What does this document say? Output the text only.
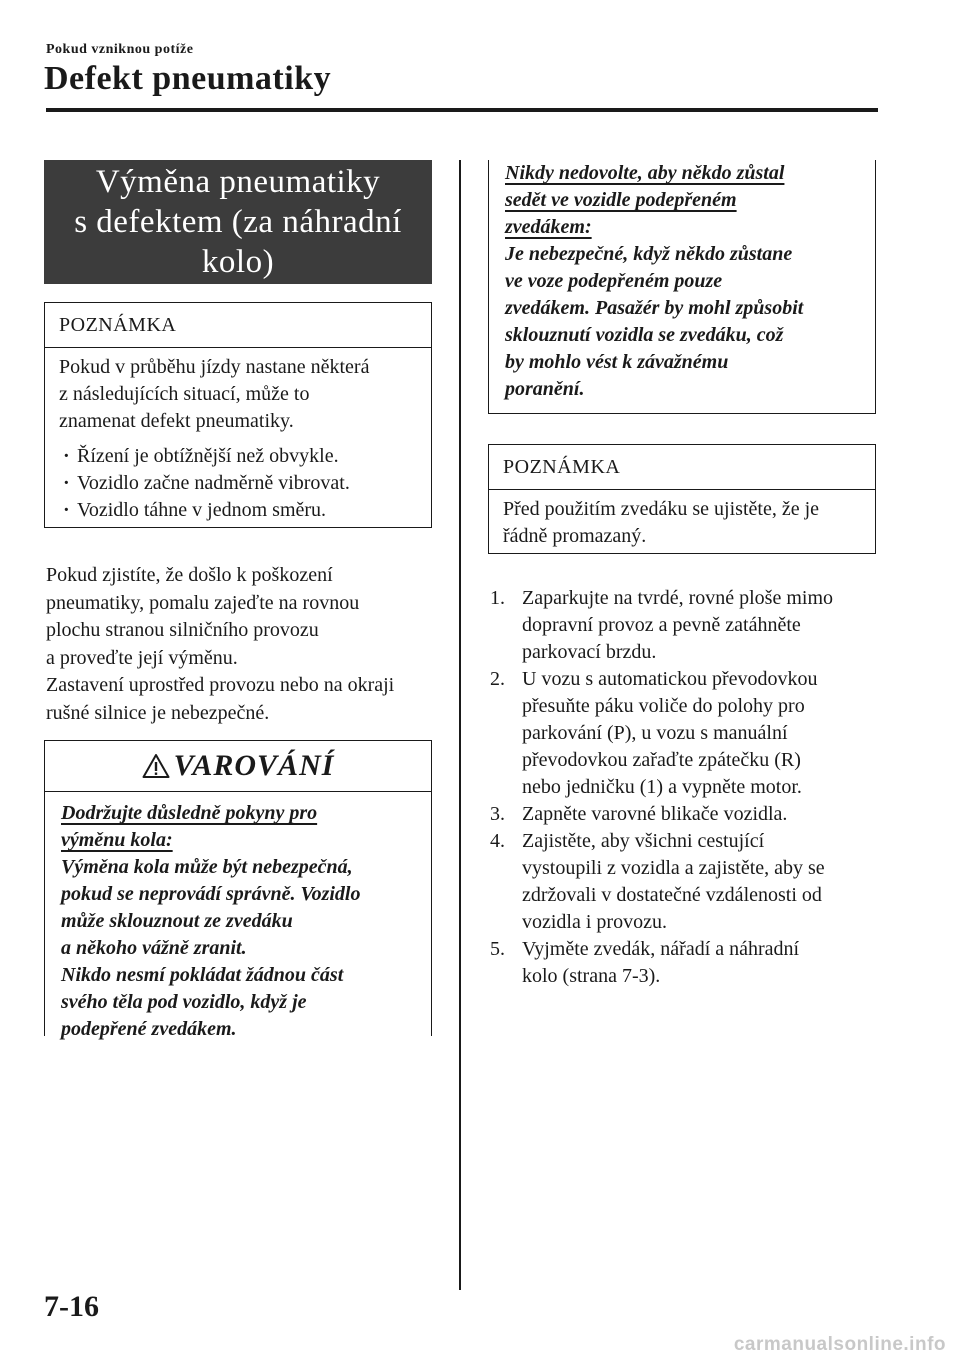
Pokud vzniknou potíže
Defekt pneumatiky
Výměna pneumatiky
s defektem (za náhradní
kolo)
POZNÁMKA

Pokud v průběhu jízdy nastane některá

z následujících situací, může to

znamenat defekt pneumatiky.

· Řízení je obtížnější než obvykle.
· Vozidlo začne nadměrně vibrovat.
· Vozidlo táhne v jednom směru.

Pokud zjistíte, že došlo k poškození

pneumatiky, pomalu zajeďte na rovnou

plochu stranou silničního provozu

a proveďte její výměnu.

Zastavení uprostřed provozu nebo na okraji

rušné silnice je nebezpečné.

VAROVÁNÍ
Dodržujte důsledně pokyny pro
výměnu kola:
Výměna kola může být nebezpečná,
pokud se neprovádí správně. Vozidlo
může sklouznout ze zvedáku
a někoho vážně zranit.
Nikdo nesmí pokládat žádnou část
svého těla pod vozidlo, když je
podepřené zvedákem.
Nikdy nedovolte, aby někdo zůstal
sedět ve vozidle podepřeném
zvedákem:
Je nebezpečné, když někdo zůstane
ve voze podepřeném pouze
zvedákem. Pasažér by mohl způsobit
sklouznutí vozidla se zvedáku, což
by mohlo vést k závažnému
poranění.
POZNÁMKA

Před použitím zvedáku se ujistěte, že je

řádně promazaný.

1. Zaparkujte na tvrdé, rovné ploše mimo
dopravní provoz a pevně zatáhněte
parkovací brzdu.
2. U vozu s automatickou převodovkou
přesuňte páku voliče do polohy pro
parkování (P), u vozu s manuální
převodovkou zařaďte zpátečku (R)
nebo jedničku (1) a vypněte motor.
3. Zapněte varovné blikače vozidla.
4. Zajistěte, aby všichni cestující
vystoupili z vozidla a zajistěte, aby se
zdržovali v dostatečné vzdálenosti od
vozidla i provozu.
5. Vyjměte zvedák, nářadí a náhradní
kolo (strana 7-3).
7-16
carmanualsonline.info
